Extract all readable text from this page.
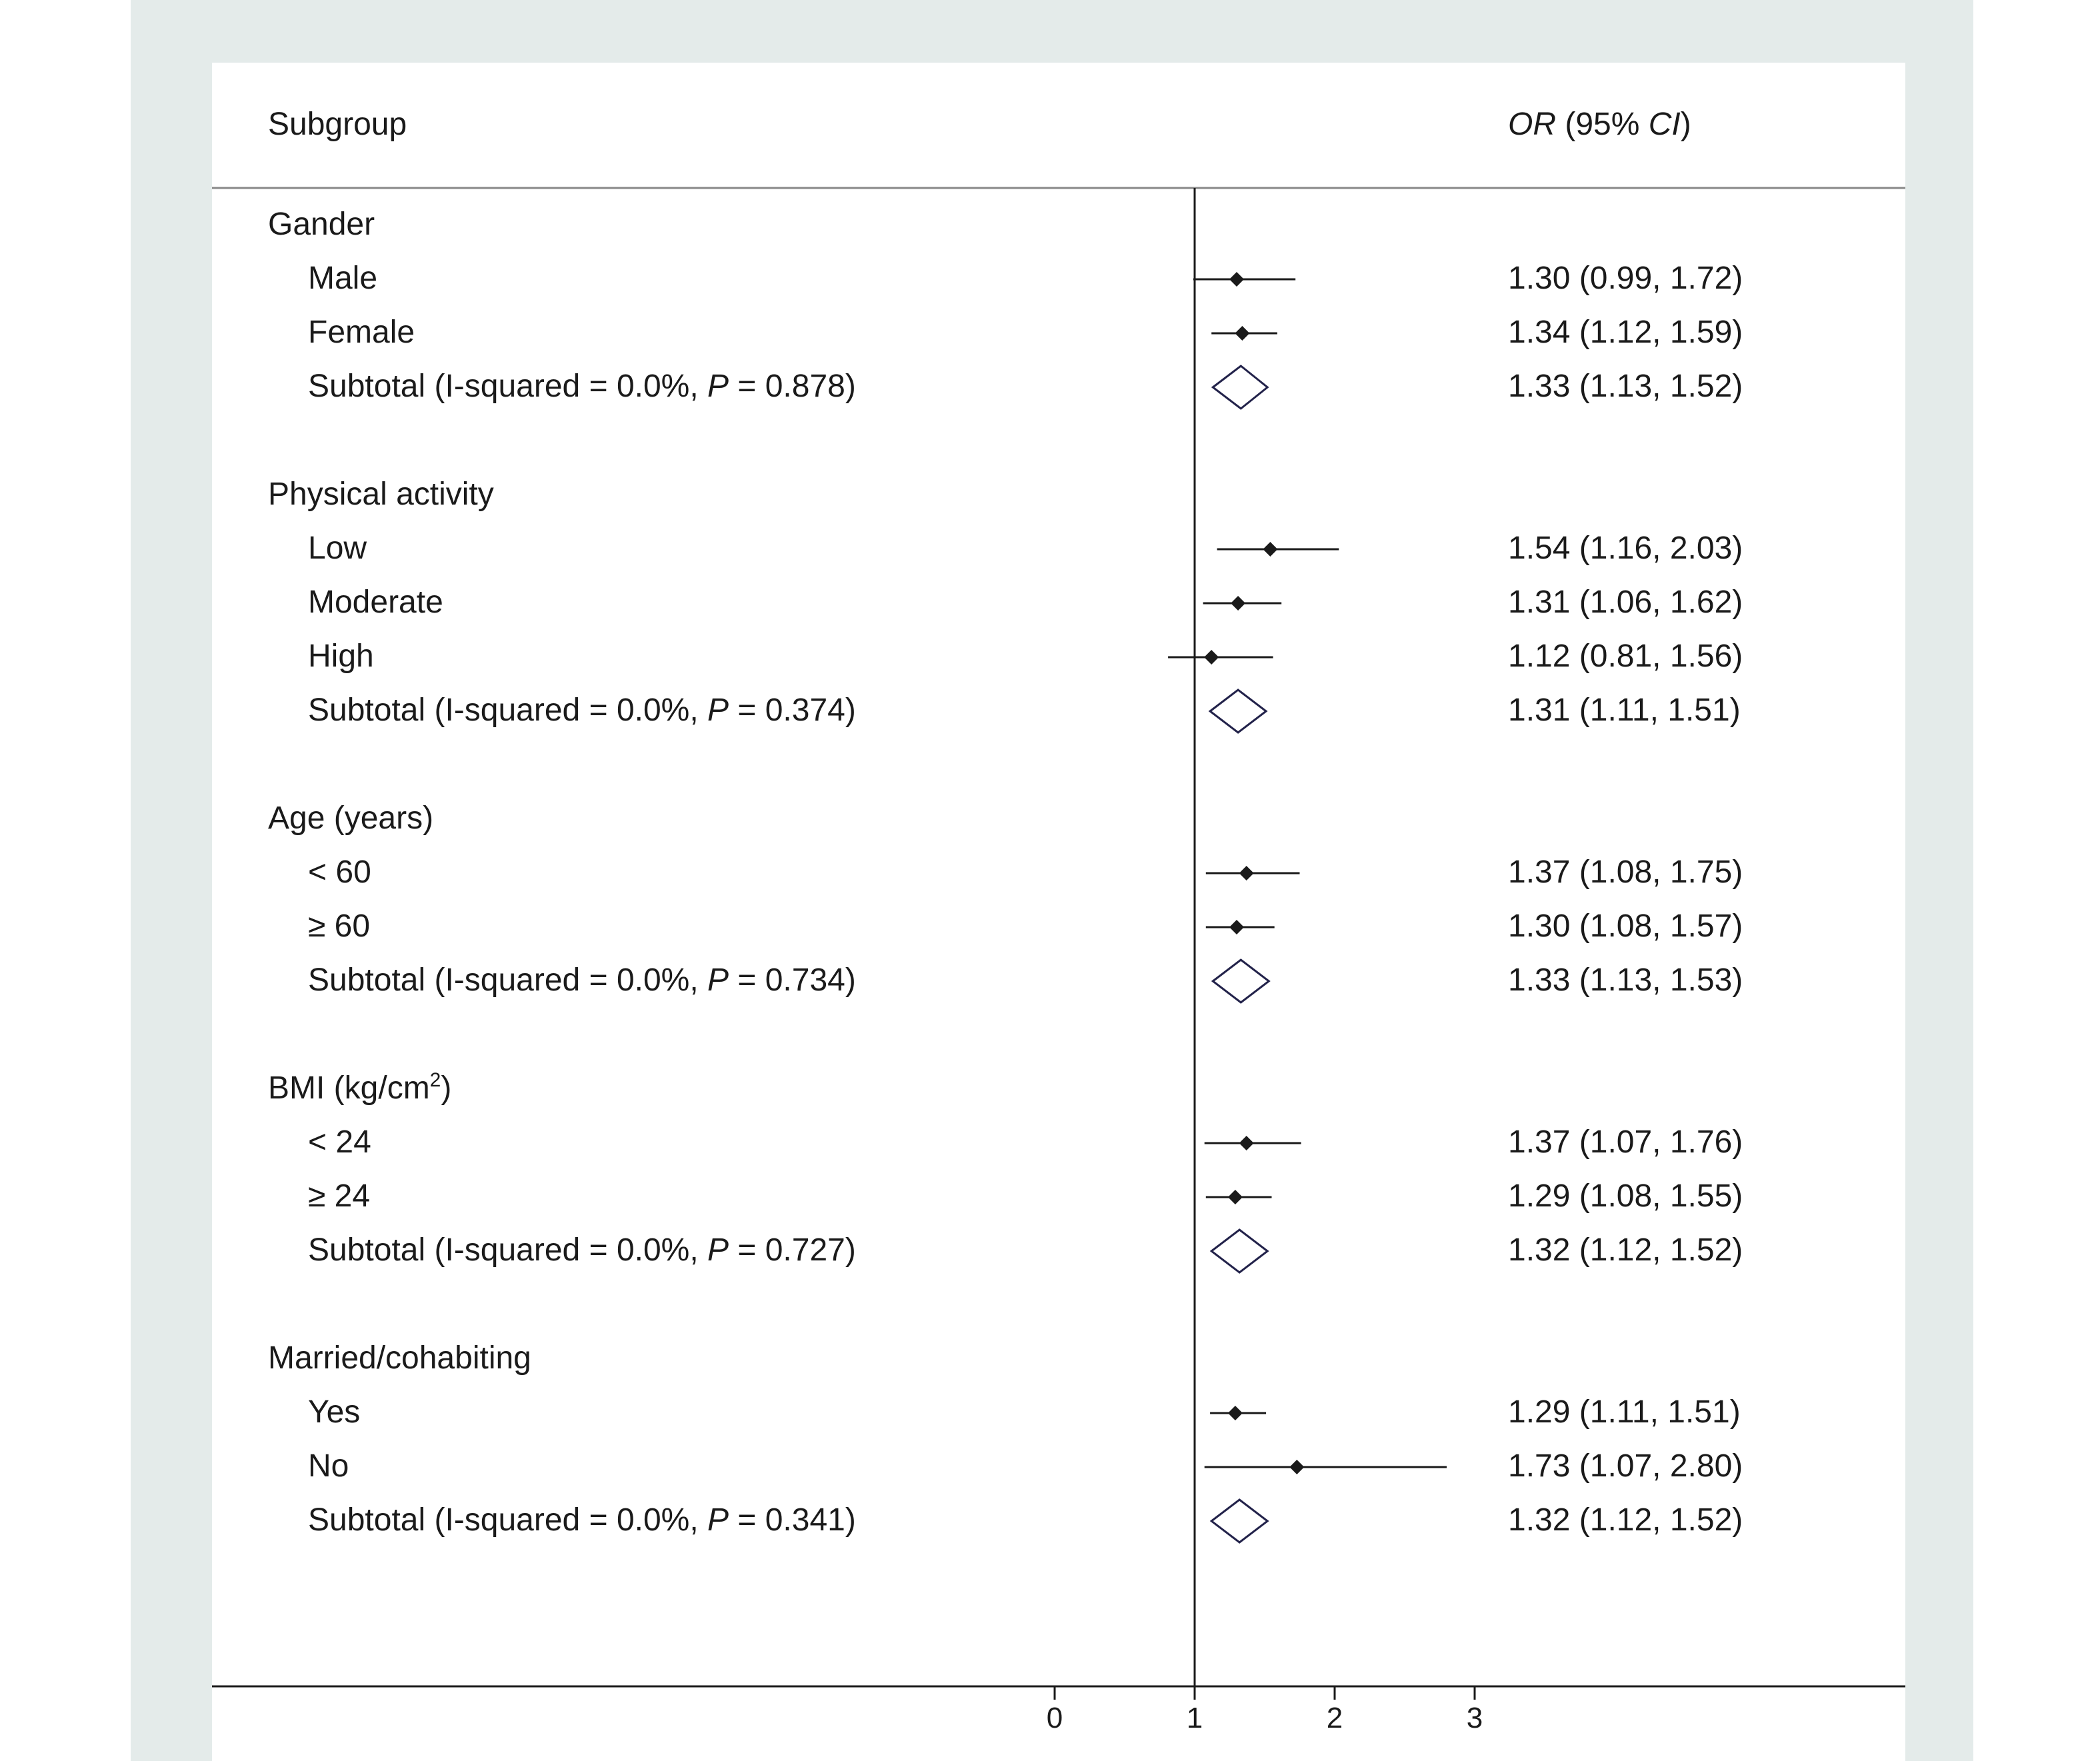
Subgroup	OR (95% CI)
Gander
Male	1.30 (0.99, 1.72)
Female	1.34 (1.12, 1.59)
Subtotal (I-squared = 0.0%, P = 0.878)	1.33 (1.13, 1.52)
Physical activity
Low	1.54 (1.16, 2.03)
Moderate	1.31 (1.06, 1.62)
High	1.12 (0.81, 1.56)
Subtotal (I-squared = 0.0%, P = 0.374)	1.31 (1.11, 1.51)
Age (years)
< 60	1.37 (1.08, 1.75)
≥ 60	1.30 (1.08, 1.57)
Subtotal (I-squared = 0.0%, P = 0.734)	1.33 (1.13, 1.53)
BMI $(kg/cm^2)$
< 24	1.37 (1.07, 1.76)
≥ 24	1.29 (1.08, 1.55)
Subtotal (I-squared = 0.0%, P = 0.727)	1.32 (1.12, 1.52)
Married/cohabiting
Yes	1.29 (1.11, 1.51)
No	1.73 (1.07, 2.80)
Subtotal (I-squared = 0.0%, P = 0.341)	1.32 (1.12, 1.52)
0	1	2	3
